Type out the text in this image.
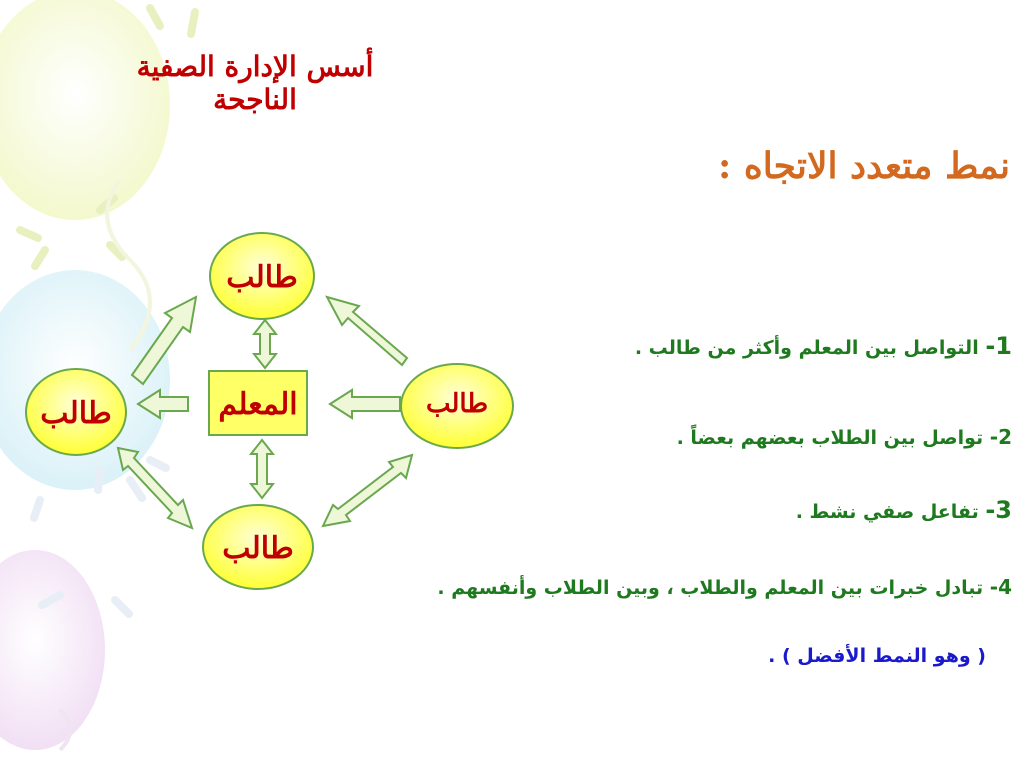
أسس الإدارة الصفية الناجحة
نمط متعدد الاتجاه :
طالب
طالب	طالب
طالب
المعلم
1- التواصل بين المعلم وأكثر من طالب .
2- تواصل بين الطلاب بعضهم بعضاً .
3- تفاعل صفي نشط .
4- تبادل خبرات بين المعلم والطلاب ، وبين الطلاب وأنفسهم .
( وهو النمط الأفضل ) .
